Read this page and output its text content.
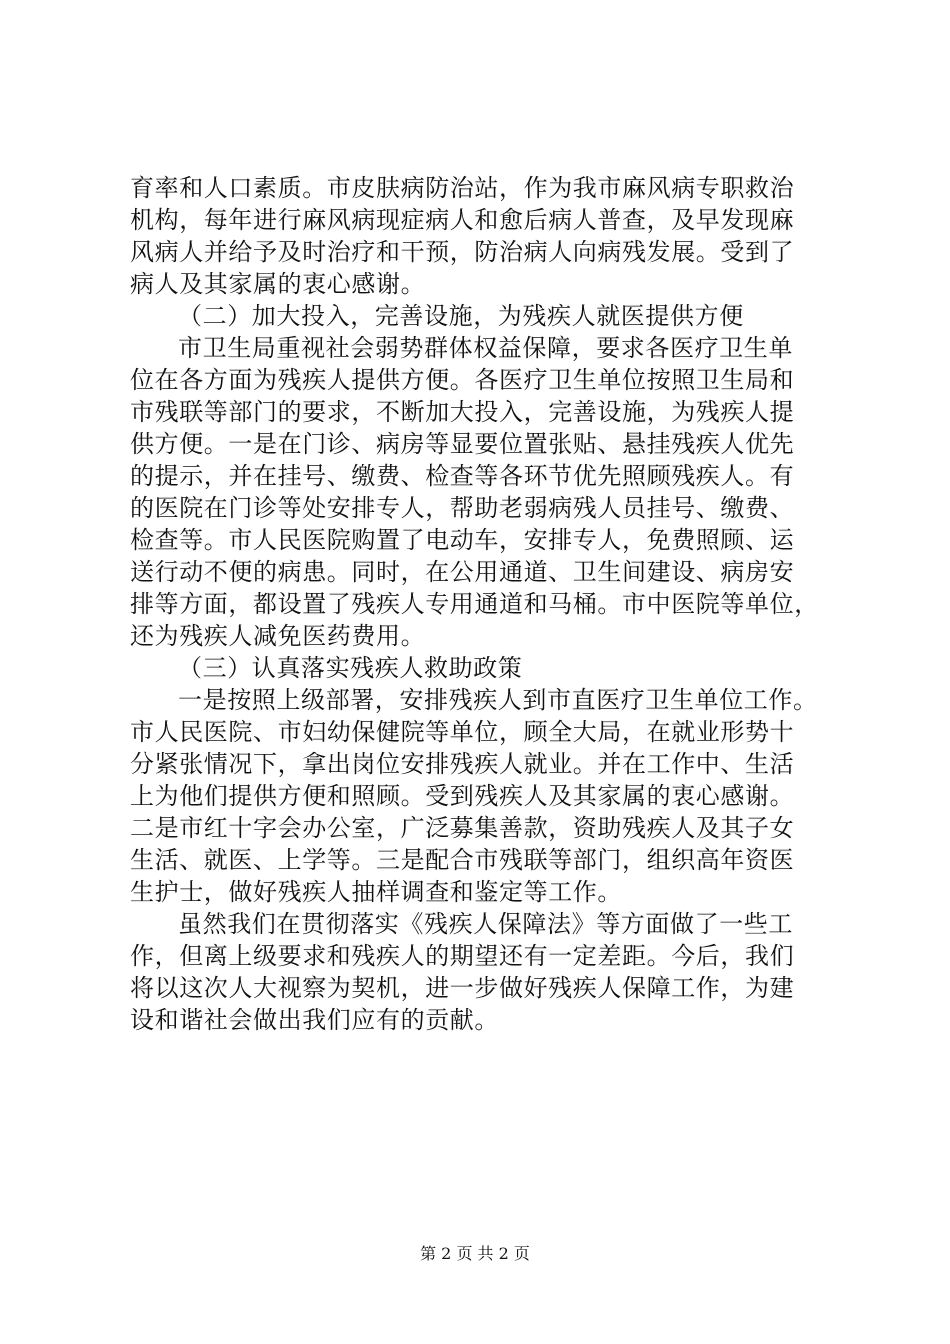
育率和人口素质。市皮肤病防治站，作为我市麻风病专职救治
机构，每年进行麻风病现症病人和愈后病人普查，及早发现麻
风病人并给予及时治疗和干预，防治病人向病残发展。受到了
病人及其家属的衷心感谢。
（二）加大投入，完善设施，为残疾人就医提供方便
市卫生局重视社会弱势群体权益保障，要求各医疗卫生单
位在各方面为残疾人提供方便。各医疗卫生单位按照卫生局和
市残联等部门的要求，不断加大投入，完善设施，为残疾人提
供方便。一是在门诊、病房等显要位置张贴、悬挂残疾人优先
的提示，并在挂号、缴费、检查等各环节优先照顾残疾人。有
的医院在门诊等处安排专人，帮助老弱病残人员挂号、缴费、
检查等。市人民医院购置了电动车，安排专人，免费照顾、运
送行动不便的病患。同时，在公用通道、卫生间建设、病房安
排等方面，都设置了残疾人专用通道和马桶。市中医院等单位，
还为残疾人减免医药费用。
（三）认真落实残疾人救助政策
一是按照上级部署，安排残疾人到市直医疗卫生单位工作。
市人民医院、市妇幼保健院等单位，顾全大局，在就业形势十
分紧张情况下，拿出岗位安排残疾人就业。并在工作中、生活
上为他们提供方便和照顾。受到残疾人及其家属的衷心感谢。
二是市红十字会办公室，广泛募集善款，资助残疾人及其子女
生活、就医、上学等。三是配合市残联等部门，组织高年资医
生护士，做好残疾人抽样调查和鉴定等工作。
虽然我们在贯彻落实《残疾人保障法》等方面做了一些工
作，但离上级要求和残疾人的期望还有一定差距。今后，我们
将以这次人大视察为契机，进一步做好残疾人保障工作，为建
设和谐社会做出我们应有的贡献。
第 2 页 共 2 页
